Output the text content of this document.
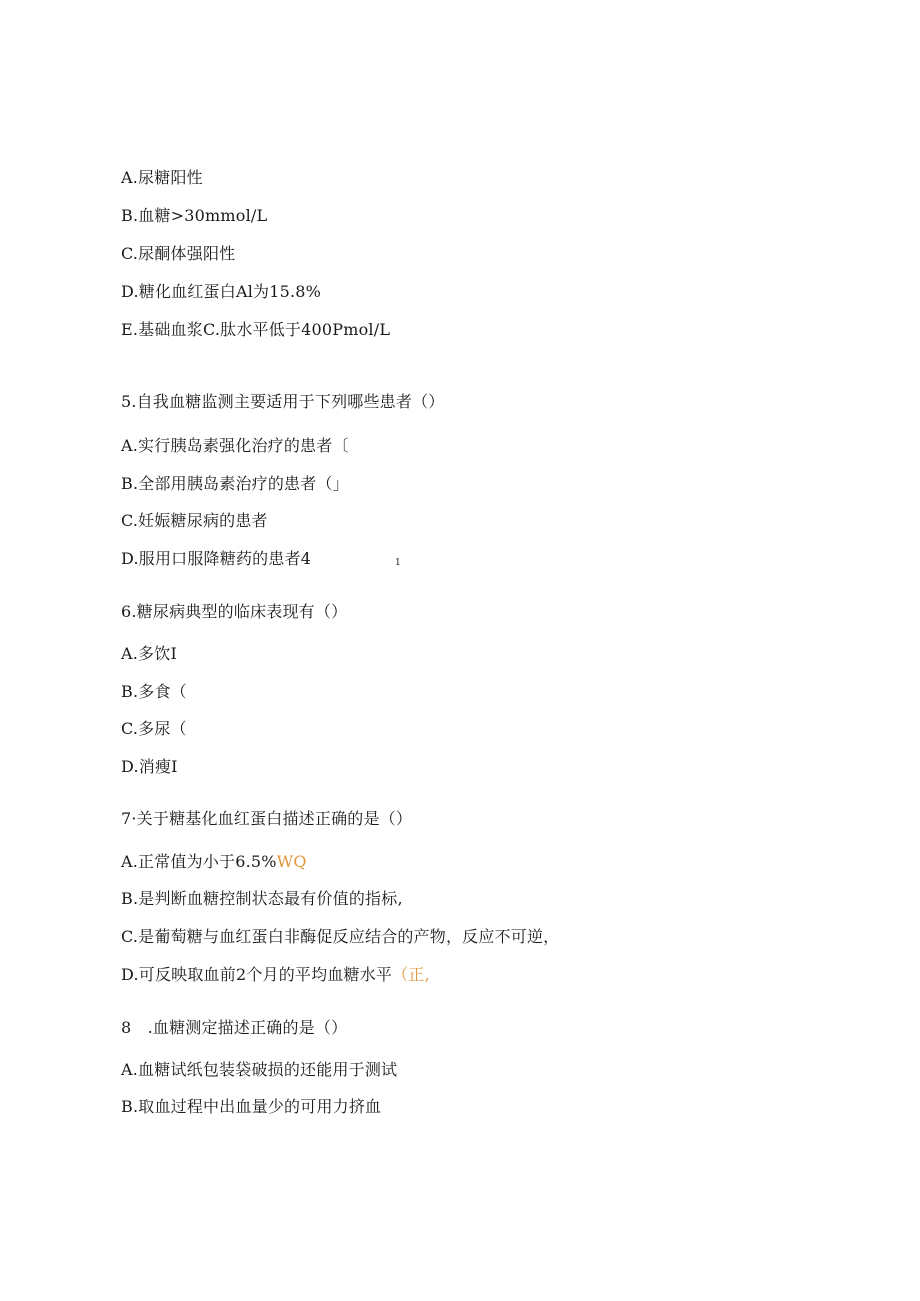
A.尿糖阳性
B.血糖>30mmol/L
C.尿酮体强阳性
D.糖化血红蛋白Al为15.8%
E.基础血浆C.肽水平低于400Pmol/L
5.自我血糖监测主要适用于下列哪些患者（）
A.实行胰岛素强化治疗的患者〔
B.全部用胰岛素治疗的患者（」
C.妊娠糖尿病的患者
D.服用口服降糖药的患者4	1
6.糖尿病典型的临床表现有（）
A.多饮I
B.多食（
C.多尿（
D.消瘦I
7·关于糖基化血红蛋白描述正确的是（）
A.正常值为小于6.5%WQ
B.是判断血糖控制状态最有价值的指标,
C.是葡萄糖与血红蛋白非酶促反应结合的产物，反应不可逆，
D.可反映取血前2个月的平均血糖水平（正,
8　.血糖测定描述正确的是（）
A.血糖试纸包装袋破损的还能用于测试
B.取血过程中出血量少的可用力挤血
